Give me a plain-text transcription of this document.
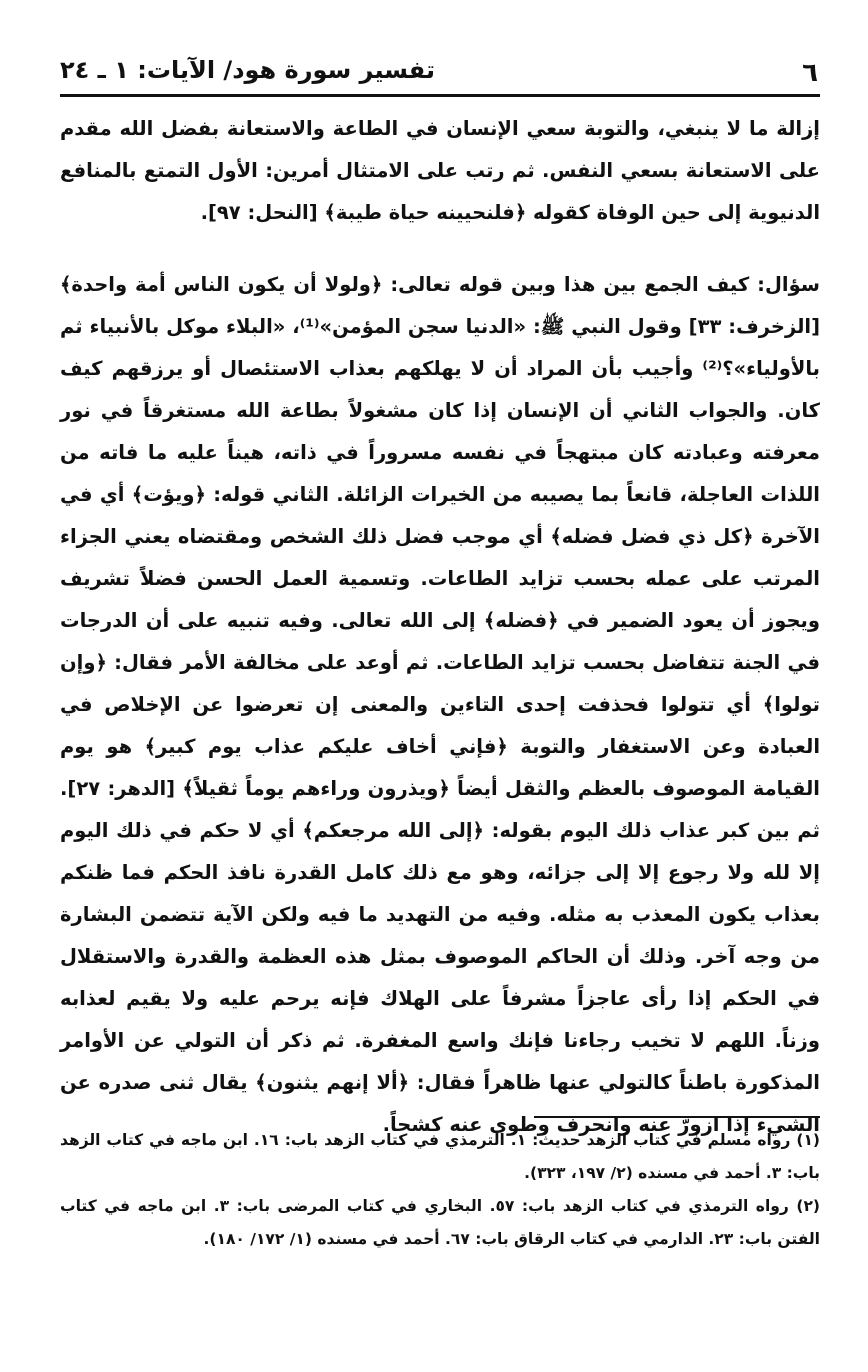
٦
تفسير سورة هود/ الآيات: ١ ـ ٢٤

إزالة ما لا ينبغي، والتوبة سعي الإنسان في الطاعة والاستعانة بفضل الله مقدم على الاستعانة بسعي النفس. ثم رتب على الامتثال أمرين: الأول التمتع بالمنافع الدنيوية إلى حين الوفاة كقوله ﴿فلنحيينه حياة طيبة﴾ [النحل: ٩٧].

سؤال: كيف الجمع بين هذا وبين قوله تعالى: ﴿ولولا أن يكون الناس أمة واحدة﴾ [الزخرف: ٣٣] وقول النبي ﷺ: «الدنيا سجن المؤمن»⁽¹⁾، «البلاء موكل بالأنبياء ثم بالأولياء»؟⁽²⁾ وأجيب بأن المراد أن لا يهلكهم بعذاب الاستئصال أو يرزقهم كيف كان. والجواب الثاني أن الإنسان إذا كان مشغولاً بطاعة الله مستغرقاً في نور معرفته وعبادته كان مبتهجاً في نفسه مسروراً في ذاته، هيناً عليه ما فاته من اللذات العاجلة، قانعاً بما يصيبه من الخيرات الزائلة. الثاني قوله: ﴿ويؤت﴾ أي في الآخرة ﴿كل ذي فضل فضله﴾ أي موجب فضل ذلك الشخص ومقتضاه يعني الجزاء المرتب على عمله بحسب تزايد الطاعات. وتسمية العمل الحسن فضلاً تشريف ويجوز أن يعود الضمير في ﴿فضله﴾ إلى الله تعالى. وفيه تنبيه على أن الدرجات في الجنة تتفاضل بحسب تزايد الطاعات. ثم أوعد على مخالفة الأمر فقال: ﴿وإن تولوا﴾ أي تتولوا فحذفت إحدى التاءين والمعنى إن تعرضوا عن الإخلاص في العبادة وعن الاستغفار والتوبة ﴿فإني أخاف عليكم عذاب يوم كبير﴾ هو يوم القيامة الموصوف بالعظم والثقل أيضاً ﴿ويذرون وراءهم يوماً ثقيلاً﴾ [الدهر: ٢٧]. ثم بين كبر عذاب ذلك اليوم بقوله: ﴿إلى الله مرجعكم﴾ أي لا حكم في ذلك اليوم إلا لله ولا رجوع إلا إلى جزائه، وهو مع ذلك كامل القدرة نافذ الحكم فما ظنكم بعذاب يكون المعذب به مثله. وفيه من التهديد ما فيه ولكن الآية تتضمن البشارة من وجه آخر. وذلك أن الحاكم الموصوف بمثل هذه العظمة والقدرة والاستقلال في الحكم إذا رأى عاجزاً مشرفاً على الهلاك فإنه يرحم عليه ولا يقيم لعذابه وزناً. اللهم لا تخيب رجاءنا فإنك واسع المغفرة. ثم ذكر أن التولي عن الأوامر المذكورة باطناً كالتولي عنها ظاهراً فقال: ﴿ألا إنهم يثنون﴾ يقال ثنى صدره عن الشيء إذا ازورّ عنه وانحرف وطوى عنه كشحاً.

(١) رواه مسلم في كتاب الزهد حديث: ١. الترمذي في كتاب الزهد باب: ١٦. ابن ماجه في كتاب الزهد باب: ٣. أحمد في مسنده (٢/ ١٩٧، ٣٢٣).

(٢) رواه الترمذي في كتاب الزهد باب: ٥٧. البخاري في كتاب المرضى باب: ٣. ابن ماجه في كتاب الفتن باب: ٢٣. الدارمي في كتاب الرقاق باب: ٦٧. أحمد في مسنده (١/ ١٧٢/ ١٨٠).
